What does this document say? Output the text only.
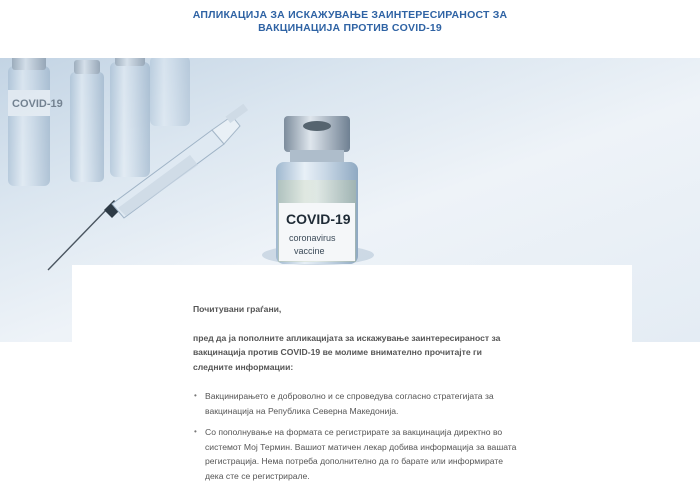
АПЛИКАЦИЈА ЗА ИСКАЖУВАЊЕ ЗАИНТЕРЕСИРАНОСТ ЗА ВАКЦИНАЦИЈА ПРОТИВ COVID-19
COVID-19
COVID-19
coronavirus
vaccine

Почитувани граѓани,

пред да ја пополните апликацијата за искажување заинтересираност за вакцинација против COVID-19 ве молиме внимателно прочитајте ги следните информации:

• Вакцинирањето е доброволно и се спроведува согласно стратегијата за вакцинација на Република Северна Македонија.
• Со пополнување на формата се регистрирате за вакцинација директно во системот Мој Термин. Вашиот матичен лекар добива информација за вашата регистрација. Нема потреба дополнително да го барате или информирате дека сте се регистрирале.
